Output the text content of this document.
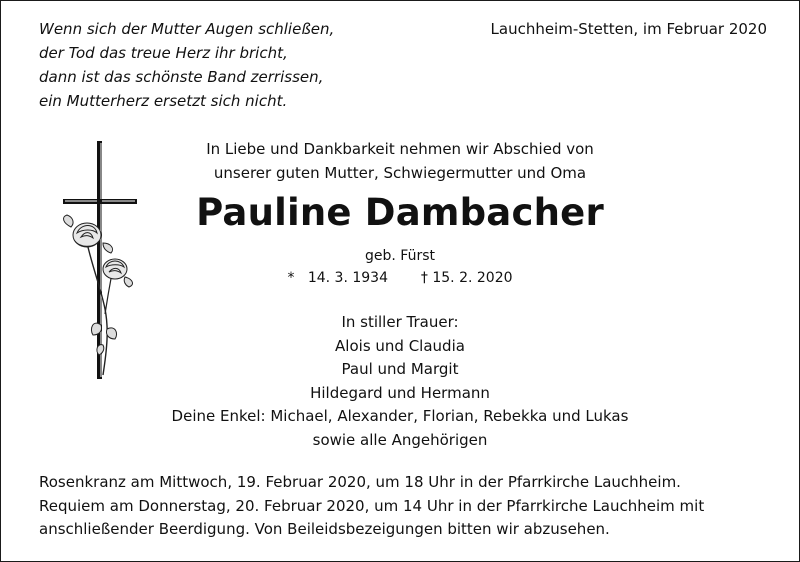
Wenn sich der Mutter Augen schließen,
der Tod das treue Herz ihr bricht,
dann ist das schönste Band zerrissen,
ein Mutterherz ersetzt sich nicht.
Lauchheim-Stetten, im Februar 2020
In Liebe und Dankbarkeit nehmen wir Abschied von
unserer guten Mutter, Schwiegermutter und Oma
Pauline Dambacher
geb. Fürst
* 14. 3. 1934 † 15. 2. 2020
In stiller Trauer:
Alois und Claudia
Paul und Margit
Hildegard und Hermann
Deine Enkel: Michael, Alexander, Florian, Rebekka und Lukas
sowie alle Angehörigen
Rosenkranz am Mittwoch, 19. Februar 2020, um 18 Uhr in der Pfarrkirche Lauchheim.
Requiem am Donnerstag, 20. Februar 2020, um 14 Uhr in der Pfarrkirche Lauchheim mit
anschließender Beerdigung. Von Beileidsbezeigungen bitten wir abzusehen.
